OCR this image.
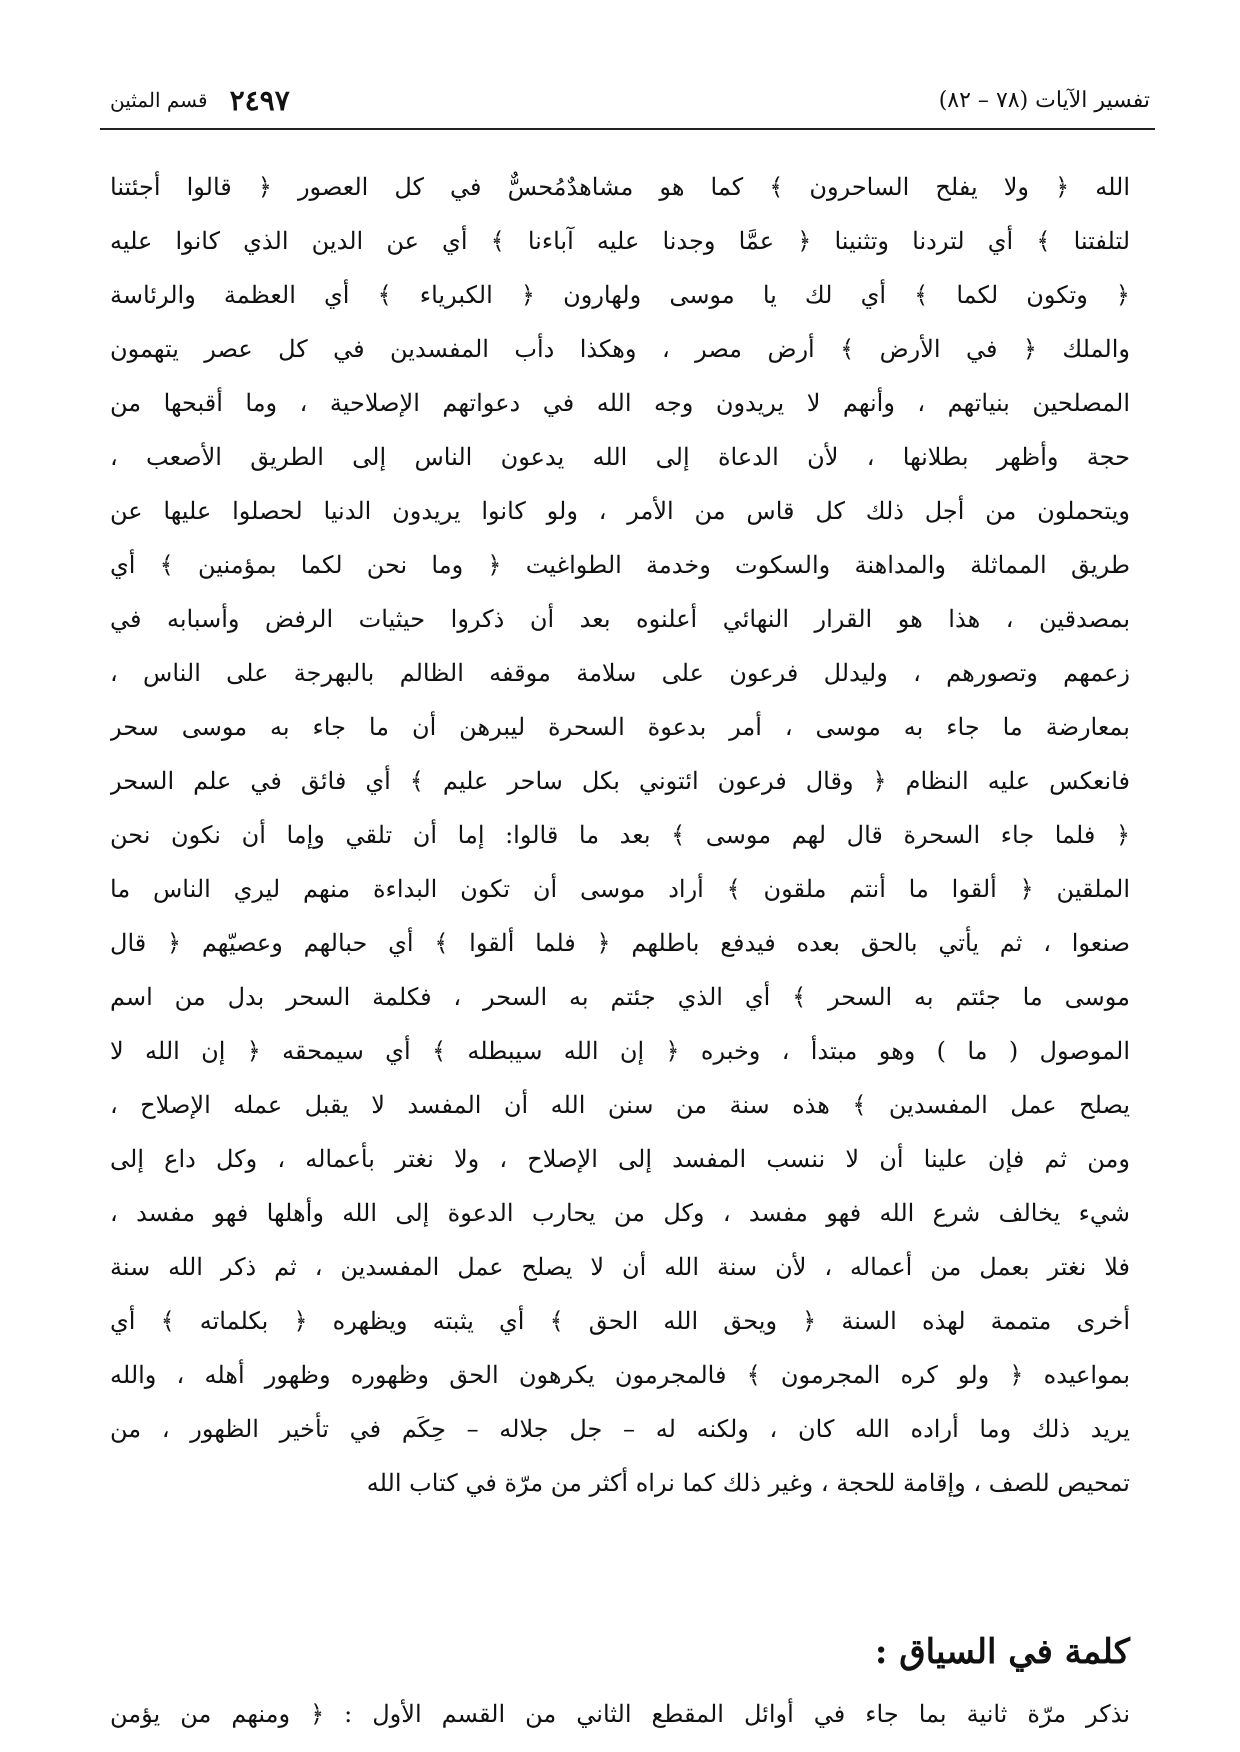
٢٤٩٧
قسم المثين	تفسير الآيات (٧٨ – ٨٢)
الله ﴿ ولا يفلح الساحرون ﴾ كما هو مشاهدٌمُحسٌّ في كل العصور ﴿ قالوا أجئتنا
لتلفتنا ﴾ أي لتردنا وتثنينا ﴿ عمَّا وجدنا عليه آباءنا ﴾ أي عن الدين الذي كانوا عليه
﴿ وتكون لكما ﴾ أي لك يا موسى ولهارون ﴿ الكبرياء ﴾ أي العظمة والرئاسة
والملك ﴿ في الأرض ﴾ أرض مصر ، وهكذا دأب المفسدين في كل عصر يتهمون
المصلحين بنياتهم ، وأنهم لا يريدون وجه الله في دعواتهم الإصلاحية ، وما أقبحها من
حجة وأظهر بطلانها ، لأن الدعاة إلى الله يدعون الناس إلى الطريق الأصعب ،
ويتحملون من أجل ذلك كل قاس من الأمر ، ولو كانوا يريدون الدنيا لحصلوا عليها عن
طريق المماثلة والمداهنة والسكوت وخدمة الطواغيت ﴿ وما نحن لكما بمؤمنين ﴾ أي
بمصدقين ، هذا هو القرار النهائي أعلنوه بعد أن ذكروا حيثيات الرفض وأسبابه في
زعمهم وتصورهم ، وليدلل فرعون على سلامة موقفه الظالم بالبهرجة على الناس ،
بمعارضة ما جاء به موسى ، أمر بدعوة السحرة ليبرهن أن ما جاء به موسى سحر
فانعكس عليه النظام ﴿ وقال فرعون ائتوني بكل ساحر عليم ﴾ أي فائق في علم السحر
﴿ فلما جاء السحرة قال لهم موسى ﴾ بعد ما قالوا: إما أن تلقي وإما أن نكون نحن
الملقين ﴿ ألقوا ما أنتم ملقون ﴾ أراد موسى أن تكون البداءة منهم ليري الناس ما
صنعوا ، ثم يأتي بالحق بعده فيدفع باطلهم ﴿ فلما ألقوا ﴾ أي حبالهم وعصيّهم ﴿ قال
موسى ما جئتم به السحر ﴾ أي الذي جئتم به السحر ، فكلمة السحر بدل من اسم
الموصول ( ما ) وهو مبتدأ ، وخبره ﴿ إن الله سيبطله ﴾ أي سيمحقه ﴿ إن الله لا
يصلح عمل المفسدين ﴾ هذه سنة من سنن الله أن المفسد لا يقبل عمله الإصلاح ،
ومن ثم فإن علينا أن لا ننسب المفسد إلى الإصلاح ، ولا نغتر بأعماله ، وكل داع إلى
شيء يخالف شرع الله فهو مفسد ، وكل من يحارب الدعوة إلى الله وأهلها فهو مفسد ،
فلا نغتر بعمل من أعماله ، لأن سنة الله أن لا يصلح عمل المفسدين ، ثم ذكر الله سنة
أخرى متممة لهذه السنة ﴿ ويحق الله الحق ﴾ أي يثبته ويظهره ﴿ بكلماته ﴾ أي
بمواعيده ﴿ ولو كره المجرمون ﴾ فالمجرمون يكرهون الحق وظهوره وظهور أهله ، والله
يريد ذلك وما أراده الله كان ، ولكنه له – جل جلاله – حِكَم في تأخير الظهور ، من
تمحيص للصف ، وإقامة للحجة ، وغير ذلك كما نراه أكثر من مرّة في كتاب الله
كلمة في السياق :
نذكر مرّة ثانية بما جاء في أوائل المقطع الثاني من القسم الأول : ﴿ ومنهم من يؤمن
